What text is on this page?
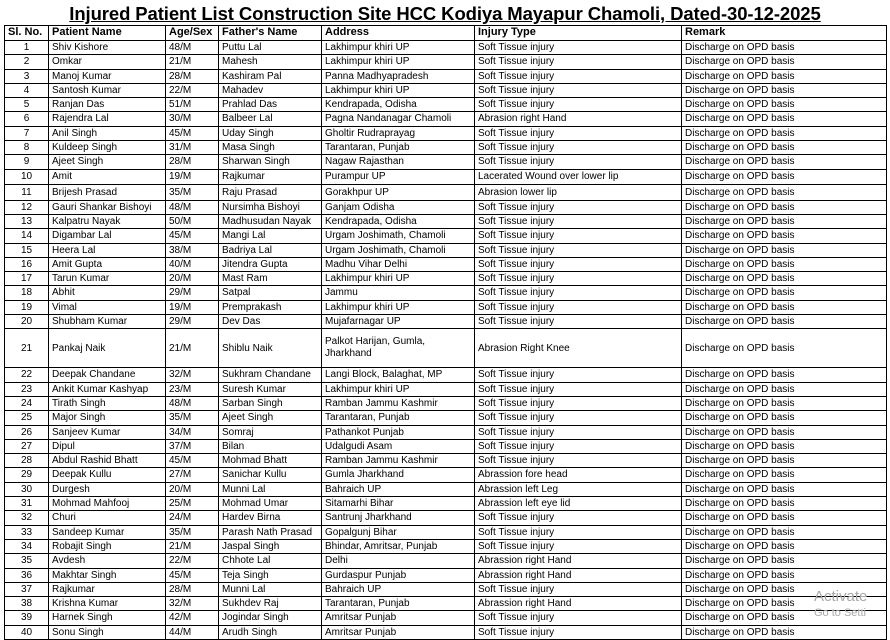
Injured Patient List Construction Site HCC Kodiya Mayapur Chamoli, Dated-30-12-2025
Sl. No.	Patient Name	Age/Sex	Father's Name	Address	Injury Type	Remark
1	Shiv Kishore	48/M	Puttu Lal	Lakhimpur khiri UP	Soft Tissue injury	Discharge on OPD basis
2	Omkar	21/M	Mahesh	Lakhimpur khiri UP	Soft Tissue injury	Discharge on OPD basis
3	Manoj Kumar	28/M	Kashiram Pal	Panna Madhyapradesh	Soft Tissue injury	Discharge on OPD basis
4	Santosh Kumar	22/M	Mahadev	Lakhimpur khiri UP	Soft Tissue injury	Discharge on OPD basis
5	Ranjan Das	51/M	Prahlad Das	Kendrapada, Odisha	Soft Tissue injury	Discharge on OPD basis
6	Rajendra Lal	30/M	Balbeer Lal	Pagna Nandanagar Chamoli	Abrasion right Hand	Discharge on OPD basis
7	Anil Singh	45/M	Uday Singh	Gholtir Rudraprayag	Soft Tissue injury	Discharge on OPD basis
8	Kuldeep Singh	31/M	Masa Singh	Tarantaran, Punjab	Soft Tissue injury	Discharge on OPD basis
9	Ajeet Singh	28/M	Sharwan Singh	Nagaw Rajasthan	Soft Tissue injury	Discharge on OPD basis
10	Amit	19/M	Rajkumar	Purampur UP	Lacerated Wound over lower lip	Discharge on OPD basis
11	Brijesh Prasad	35/M	Raju Prasad	Gorakhpur UP	Abrasion lower lip	Discharge on OPD basis
12	Gauri Shankar Bishoyi	48/M	Nursimha Bishoyi	Ganjam Odisha	Soft Tissue injury	Discharge on OPD basis
13	Kalpatru Nayak	50/M	Madhusudan Nayak	Kendrapada, Odisha	Soft Tissue injury	Discharge on OPD basis
14	Digambar Lal	45/M	Mangi Lal	Urgam Joshimath, Chamoli	Soft Tissue injury	Discharge on OPD basis
15	Heera Lal	38/M	Badriya Lal	Urgam Joshimath, Chamoli	Soft Tissue injury	Discharge on OPD basis
16	Amit Gupta	40/M	Jitendra Gupta	Madhu Vihar Delhi	Soft Tissue injury	Discharge on OPD basis
17	Tarun Kumar	20/M	Mast Ram	Lakhimpur khiri UP	Soft Tissue injury	Discharge on OPD basis
18	Abhit	29/M	Satpal	Jammu	Soft Tissue injury	Discharge on OPD basis
19	Vimal	19/M	Premprakash	Lakhimpur khiri UP	Soft Tissue injury	Discharge on OPD basis
20	Shubham Kumar	29/M	Dev Das	Mujafarnagar UP	Soft Tissue injury	Discharge on OPD basis
21	Pankaj Naik	21/M	Shiblu Naik	Palkot Harijan, Gumla, Jharkhand	Abrasion Right Knee	Discharge on OPD basis
22	Deepak Chandane	32/M	Sukhram Chandane	Langi Block, Balaghat, MP	Soft Tissue injury	Discharge on OPD basis
23	Ankit Kumar Kashyap	23/M	Suresh Kumar	Lakhimpur khiri UP	Soft Tissue injury	Discharge on OPD basis
24	Tirath Singh	48/M	Sarban Singh	Ramban Jammu Kashmir	Soft Tissue injury	Discharge on OPD basis
25	Major Singh	35/M	Ajeet Singh	Tarantaran, Punjab	Soft Tissue injury	Discharge on OPD basis
26	Sanjeev Kumar	34/M	Somraj	Pathankot Punjab	Soft Tissue injury	Discharge on OPD basis
27	Dipul	37/M	Bilan	Udalgudi Asam	Soft Tissue injury	Discharge on OPD basis
28	Abdul Rashid Bhatt	45/M	Mohmad Bhatt	Ramban Jammu Kashmir	Soft Tissue injury	Discharge on OPD basis
29	Deepak Kullu	27/M	Sanichar Kullu	Gumla Jharkhand	Abrassion fore head	Discharge on OPD basis
30	Durgesh	20/M	Munni Lal	Bahraich UP	Abrassion left Leg	Discharge on OPD basis
31	Mohmad Mahfooj	25/M	Mohmad Umar	Sitamarhi Bihar	Abrassion left eye lid	Discharge on OPD basis
32	Churi	24/M	Hardev Birna	Santrunj Jharkhand	Soft Tissue injury	Discharge on OPD basis
33	Sandeep Kumar	35/M	Parash Nath Prasad	Gopalgunj Bihar	Soft Tissue injury	Discharge on OPD basis
34	Robajit Singh	21/M	Jaspal Singh	Bhindar, Amritsar, Punjab	Soft Tissue injury	Discharge on OPD basis
35	Avdesh	22/M	Chhote Lal	Delhi	Abrassion right Hand	Discharge on OPD basis
36	Makhtar Singh	45/M	Teja Singh	Gurdaspur Punjab	Abrassion right Hand	Discharge on OPD basis
37	Rajkumar	28/M	Munni Lal	Bahraich UP	Soft Tissue injury	Discharge on OPD basis
38	Krishna Kumar	32/M	Sukhdev Raj	Tarantaran, Punjab	Abrassion right Hand	Discharge on OPD basis
39	Harnek Singh	42/M	Jogindar Singh	Amritsar Punjab	Soft Tissue injury	Discharge on OPD basis
40	Sonu Singh	44/M	Arudh Singh	Amritsar Punjab	Soft Tissue injury	Discharge on OPD basis
Activate
Go to Setti
